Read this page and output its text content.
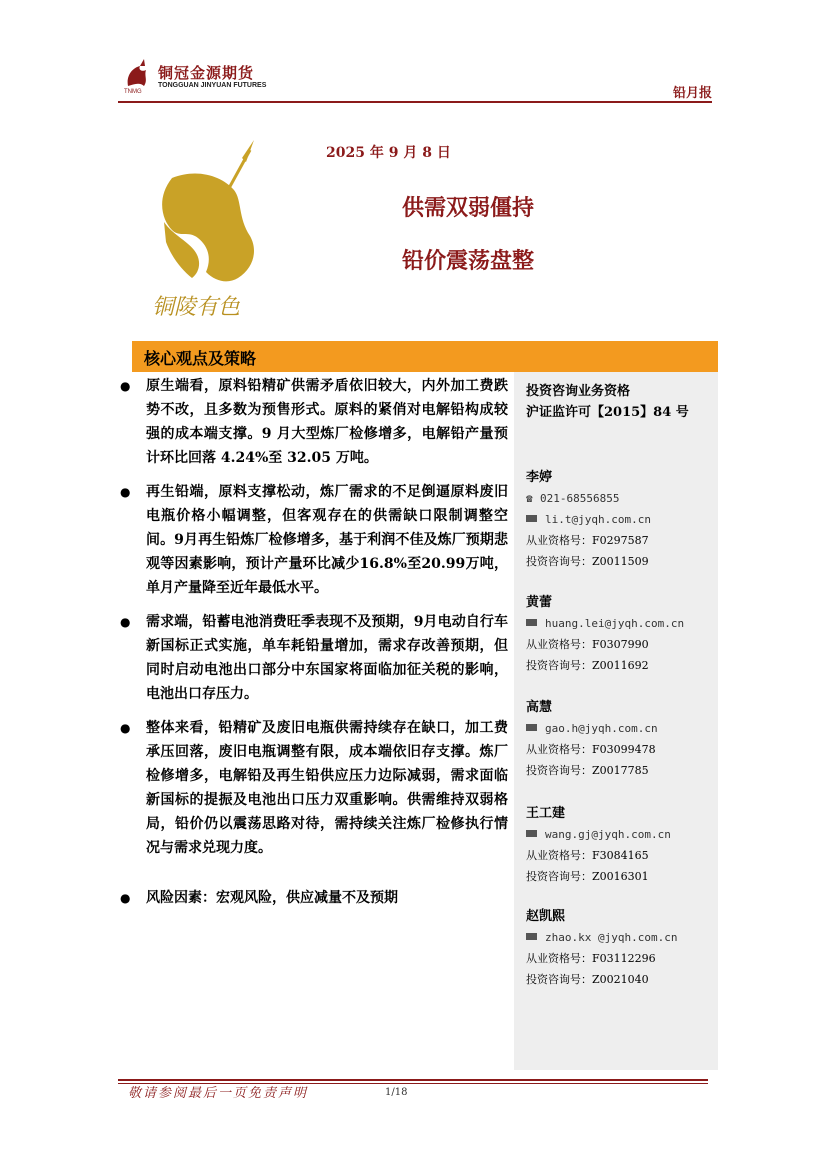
铜冠金源期货
TONGGUAN JINYUAN FUTURES
TNMG	铅月报
2025 年 9 月 8 日
铜陵有色
供需双弱僵持
铅价震荡盘整
核心观点及策略
● 原生端看，原料铅精矿供需矛盾依旧较大，内外加工费跌势不改，且多数为预售形式。原料的紧俏对电解铅构成较强的成本端支撑。9 月大型炼厂检修增多，电解铅产量预计环比回落 4.24%至 32.05 万吨。
● 再生铅端，原料支撑松动，炼厂需求的不足倒逼原料废旧电瓶价格小幅调整，但客观存在的供需缺口限制调整空间。9月再生铅炼厂检修增多，基于利润不佳及炼厂预期悲观等因素影响，预计产量环比减少16.8%至20.99万吨，单月产量降至近年最低水平。
● 需求端，铅蓄电池消费旺季表现不及预期，9月电动自行车新国标正式实施，单车耗铅量增加，需求存改善预期，但同时启动电池出口部分中东国家将面临加征关税的影响，电池出口存压力。
● 整体来看，铅精矿及废旧电瓶供需持续存在缺口，加工费承压回落，废旧电瓶调整有限，成本端依旧存支撑。炼厂检修增多，电解铅及再生铅供应压力边际减弱，需求面临新国标的提振及电池出口压力双重影响。供需维持双弱格局，铅价仍以震荡思路对待，需持续关注炼厂检修执行情况与需求兑现力度。
● 风险因素：宏观风险，供应减量不及预期
投资咨询业务资格
沪证监许可【2015】84 号
李婷
☎ 021-68556855
li.t@jyqh.com.cn
从业资格号：F0297587
投资咨询号：Z0011509
黄蕾
huang.lei@jyqh.com.cn
从业资格号：F0307990
投资咨询号：Z0011692
高慧
gao.h@jyqh.com.cn
从业资格号：F03099478
投资咨询号：Z0017785
王工建
wang.gj@jyqh.com.cn
从业资格号：F3084165
投资咨询号：Z0016301
赵凯熙
zhao.kx @jyqh.com.cn
从业资格号：F03112296
投资咨询号：Z0021040
敬请参阅最后一页免责声明	1/18
